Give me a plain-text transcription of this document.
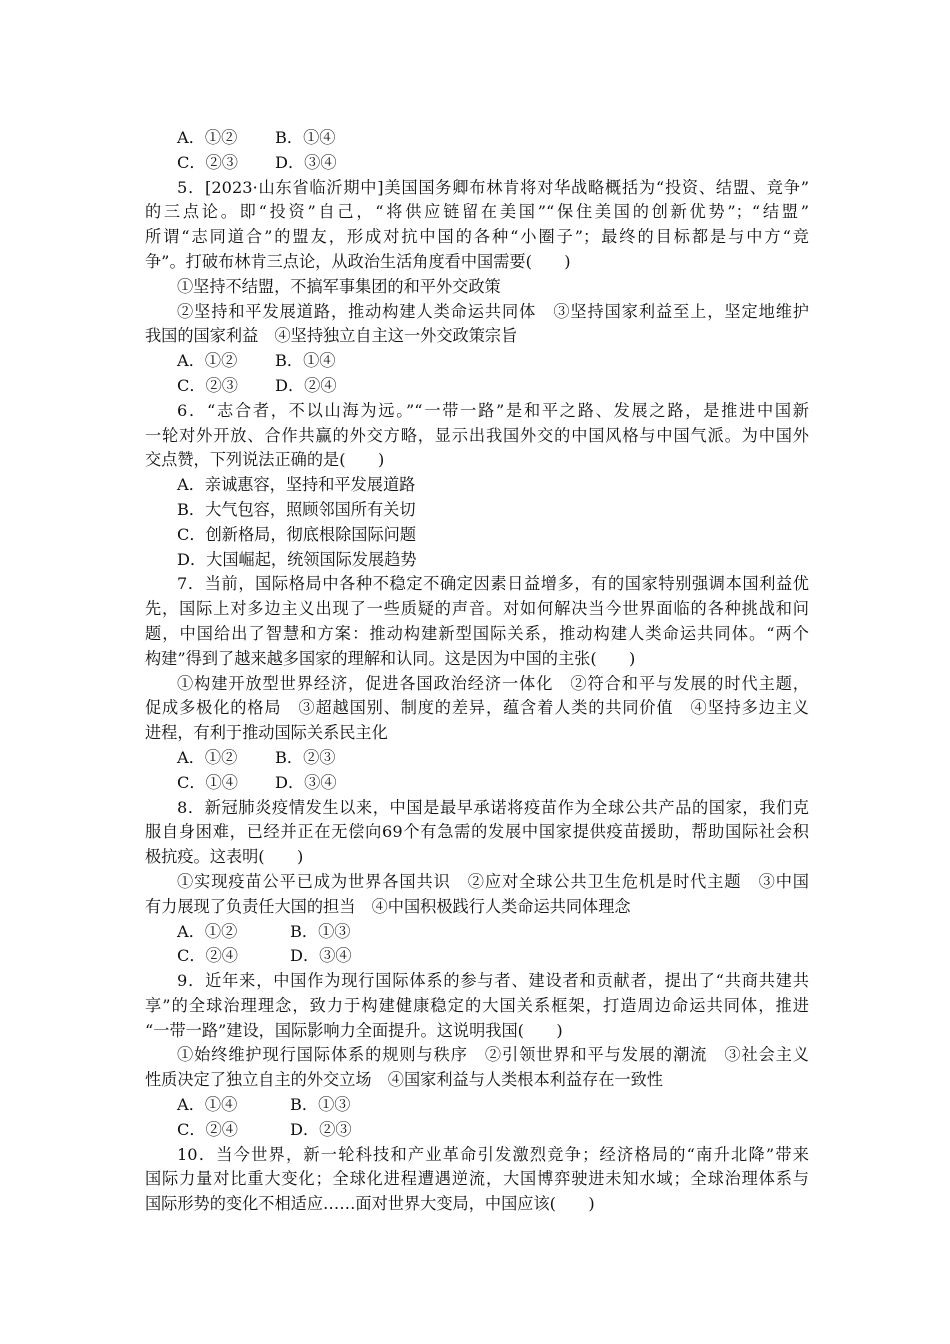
A．①② B．①④
C．②③ D．③④
5．[2023·山东省临沂期中]美国国务卿布林肯将对华战略概括为“投资、结盟、竞争”
的三点论。即“投资”自己，“将供应链留在美国”“保住美国的创新优势”；“结盟”
所谓“志同道合”的盟友，形成对抗中国的各种“小圈子”；最终的目标都是与中方“竞
争”。打破布林肯三点论，从政治生活角度看中国需要(　　)
①坚持不结盟，不搞军事集团的和平外交政策
②坚持和平发展道路，推动构建人类命运共同体　③坚持国家利益至上，坚定地维护
我国的国家利益　④坚持独立自主这一外交政策宗旨
A．①② B．①④
C．②③ D．②④
6．“志合者，不以山海为远。”“一带一路”是和平之路、发展之路，是推进中国新
一轮对外开放、合作共赢的外交方略，显示出我国外交的中国风格与中国气派。为中国外
交点赞，下列说法正确的是(　　)
A．亲诚惠容，坚持和平发展道路
B．大气包容，照顾邻国所有关切
C．创新格局，彻底根除国际问题
D．大国崛起，统领国际发展趋势
7．当前，国际格局中各种不稳定不确定因素日益增多，有的国家特别强调本国利益优
先，国际上对多边主义出现了一些质疑的声音。对如何解决当今世界面临的各种挑战和问
题，中国给出了智慧和方案：推动构建新型国际关系，推动构建人类命运共同体。“两个
构建”得到了越来越多国家的理解和认同。这是因为中国的主张(　　)
①构建开放型世界经济，促进各国政治经济一体化　②符合和平与发展的时代主题，
促成多极化的格局　③超越国别、制度的差异，蕴含着人类的共同价值　④坚持多边主义
进程，有利于推动国际关系民主化
A．①② B．②③
C．①④ D．③④
8．新冠肺炎疫情发生以来，中国是最早承诺将疫苗作为全球公共产品的国家，我们克
服自身困难，已经并正在无偿向69个有急需的发展中国家提供疫苗援助，帮助国际社会积
极抗疫。这表明(　　)
①实现疫苗公平已成为世界各国共识　②应对全球公共卫生危机是时代主题　③中国
有力展现了负责任大国的担当　④中国积极践行人类命运共同体理念
A．①②	B．①③
C．②④	D．③④
9．近年来，中国作为现行国际体系的参与者、建设者和贡献者，提出了“共商共建共
享”的全球治理理念，致力于构建健康稳定的大国关系框架，打造周边命运共同体，推进
“一带一路”建设，国际影响力全面提升。这说明我国(　　)
①始终维护现行国际体系的规则与秩序　②引领世界和平与发展的潮流　③社会主义
性质决定了独立自主的外交立场　④国家利益与人类根本利益存在一致性
A．①④	B．①③
C．②④	D．②③
10．当今世界，新一轮科技和产业革命引发激烈竞争；经济格局的“南升北降”带来
国际力量对比重大变化；全球化进程遭遇逆流，大国博弈驶进未知水域；全球治理体系与
国际形势的变化不相适应……面对世界大变局，中国应该(　　)
